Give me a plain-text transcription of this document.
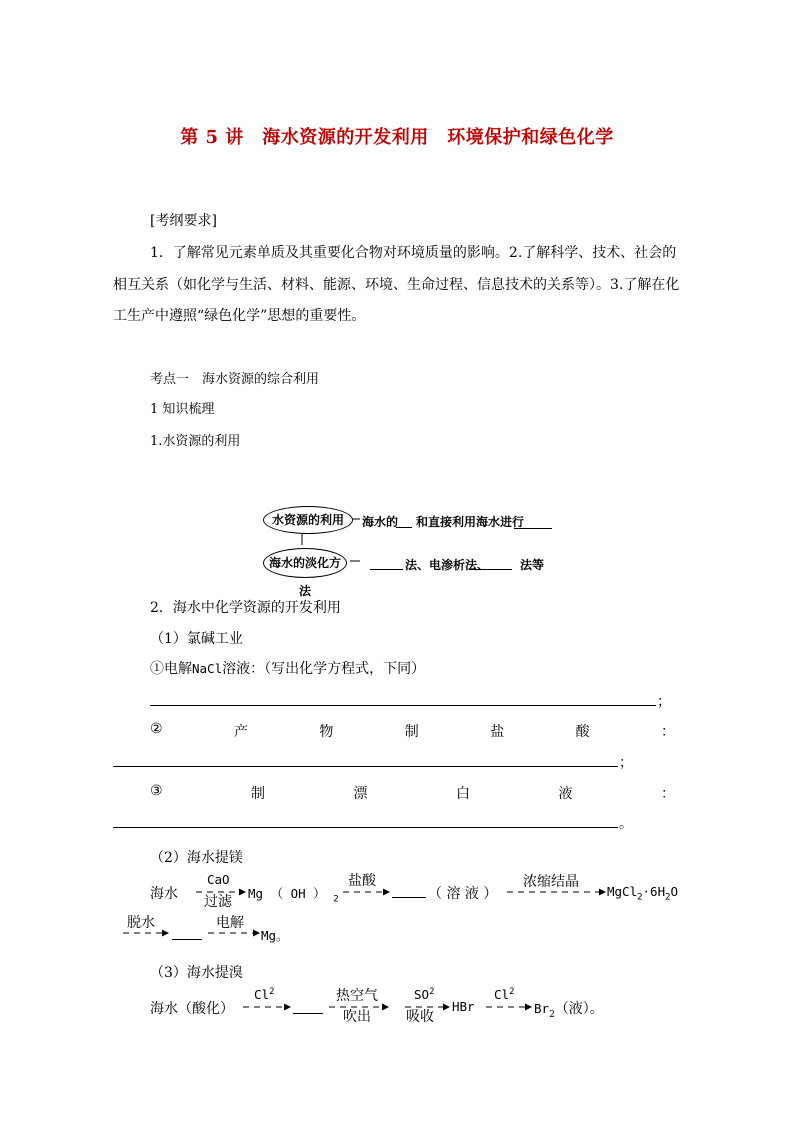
第 5 讲　海水资源的开发利用　环境保护和绿色化学
[考纲要求]
1．了解常见元素单质及其重要化合物对环境质量的影响。2.了解科学、技术、社会的
相互关系（如化学与生活、材料、能源、环境、生命过程、信息技术的关系等）。3.了解在化
工生产中遵照“绿色化学”思想的重要性。
考点一　海水资源的综合利用
1 知识梳理
1.水资源的利用
水资源的利用	海水的 和直接利用海水进行
海水的淡化方法
法、电渗析法、	法等
2．海水中化学资源的开发利用
（1）氯碱工业
①电解NaCl溶液：（写出化学方程式，下同）
；
②	产	物	制	盐	酸	：
；
③	制	漂	白	液	：
。
（2）海水提镁
海水
CaO
过滤
Mg （ OH ） $_2$
盐酸
（ 溶 液 ）
浓缩结晶
$MgCl_2\cdot 6H_2O$
脱水	电解
Mg。
（3）海水提溴
海水（酸化）
Cl$^2$	热空气
吹出
$SO^2$
吸收
HBr
Cl$^2$
$Br_2$（液）。
